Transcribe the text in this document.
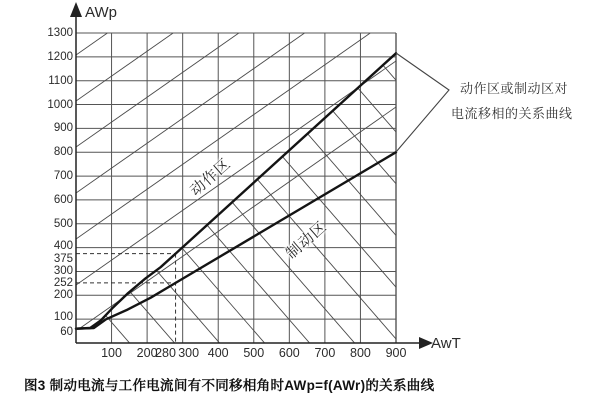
AWp
AwT
1300
1200
1100
1000
900
800
700
600
500
400
375
300
252
200
100
60
100	200
280 300 400	500	600	700	800	900
动作区
制动区
动作区或制动区对
电流移相的关系曲线
图3 制动电流与工作电流间有不同移相角时AWp=f(AWr)的关系曲线
